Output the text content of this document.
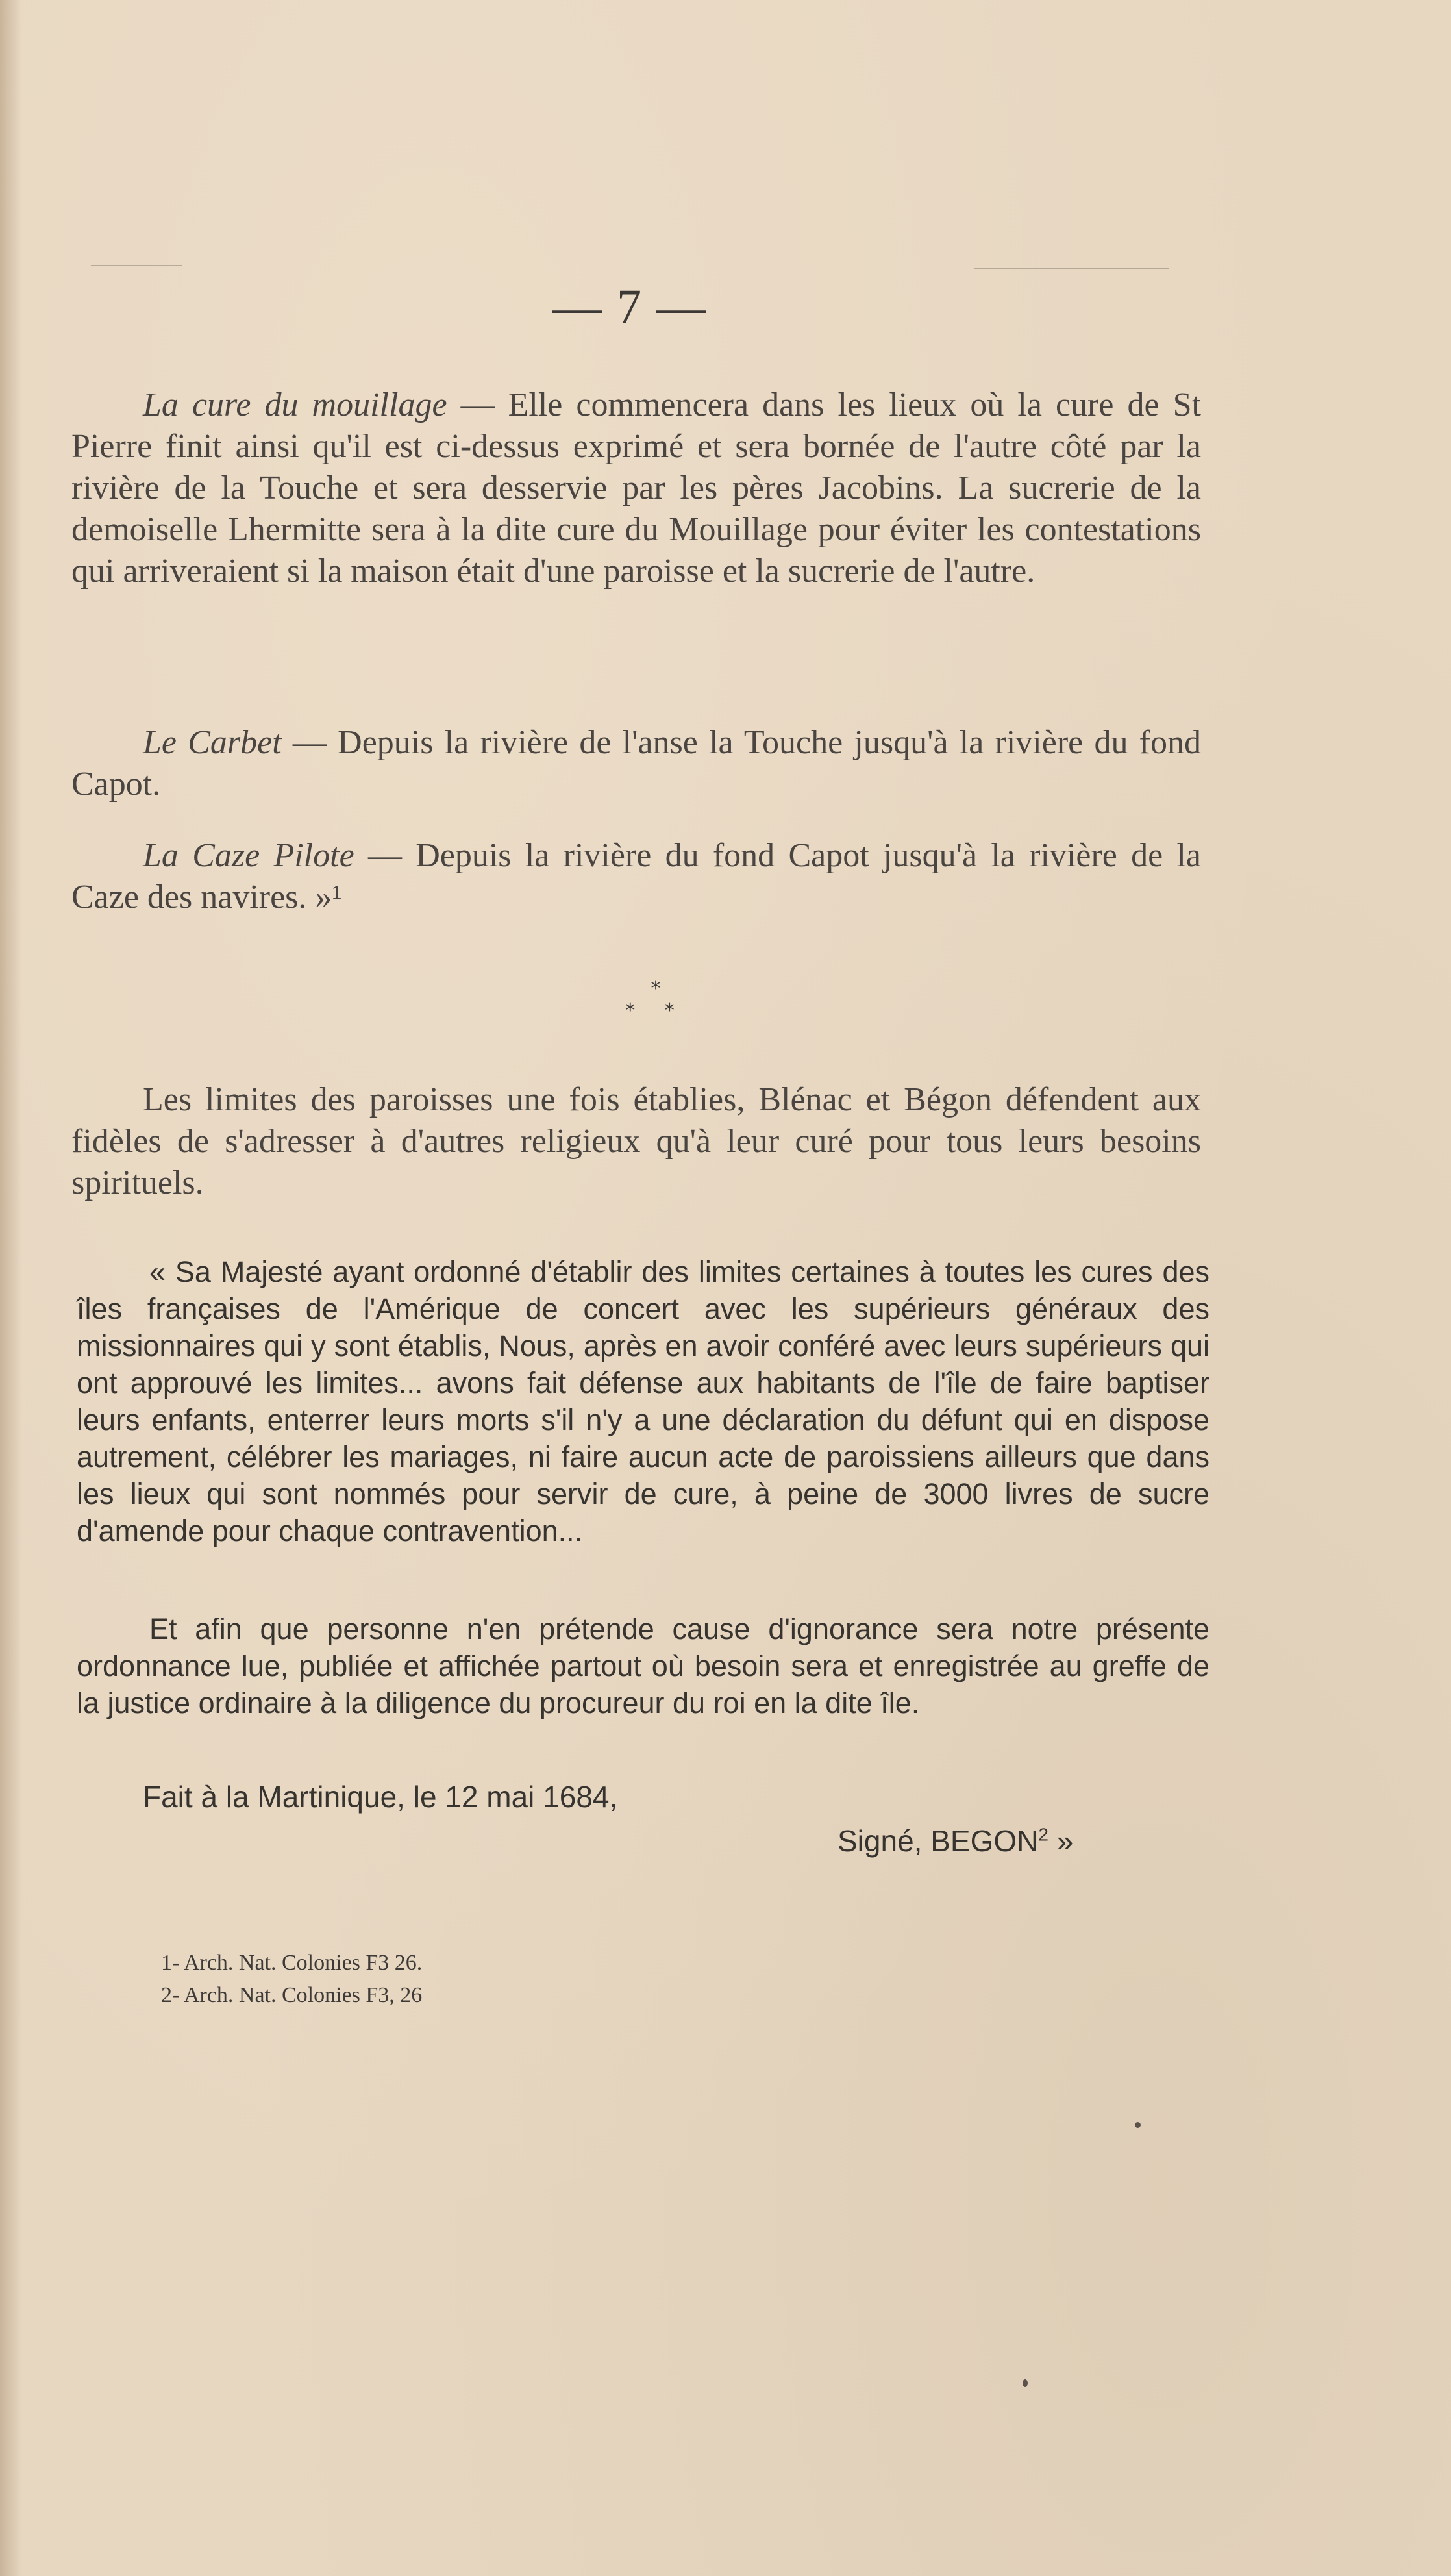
— 7 —

La cure du mouillage — Elle commencera dans les lieux où la cure de St Pierre finit ainsi qu'il est ci-dessus exprimé et sera bornée de l'autre côté par la rivière de la Touche et sera desservie par les pères Jacobins. La sucrerie de la demoiselle Lhermitte sera à la dite cure du Mouillage pour éviter les contestations qui arriveraient si la maison était d'une paroisse et la sucrerie de l'autre.

Le Carbet — Depuis la rivière de l'anse la Touche jusqu'à la rivière du fond Capot.

La Caze Pilote — Depuis la rivière du fond Capot jusqu'à la rivière de la Caze des navires. »¹

*
* *

Les limites des paroisses une fois établies, Blénac et Bégon défendent aux fidèles de s'adresser à d'autres religieux qu'à leur curé pour tous leurs besoins spirituels.

« Sa Majesté ayant ordonné d'établir des limites certaines à toutes les cures des îles françaises de l'Amérique de concert avec les supérieurs généraux des missionnaires qui y sont établis, Nous, après en avoir conféré avec leurs supérieurs qui ont approuvé les limites... avons fait défense aux habitants de l'île de faire baptiser leurs enfants, enterrer leurs morts s'il n'y a une déclaration du défunt qui en dispose autrement, célébrer les mariages, ni faire aucun acte de paroissiens ailleurs que dans les lieux qui sont nommés pour servir de cure, à peine de 3000 livres de sucre d'amende pour chaque contravention...

Et afin que personne n'en prétende cause d'ignorance sera notre présente ordonnance lue, publiée et affichée partout où besoin sera et enregistrée au greffe de la justice ordinaire à la diligence du procureur du roi en la dite île.

Fait à la Martinique, le 12 mai 1684,
Signé, BEGON$^2$ »
1- Arch. Nat. Colonies F3 26.
2- Arch. Nat. Colonies F3, 26
